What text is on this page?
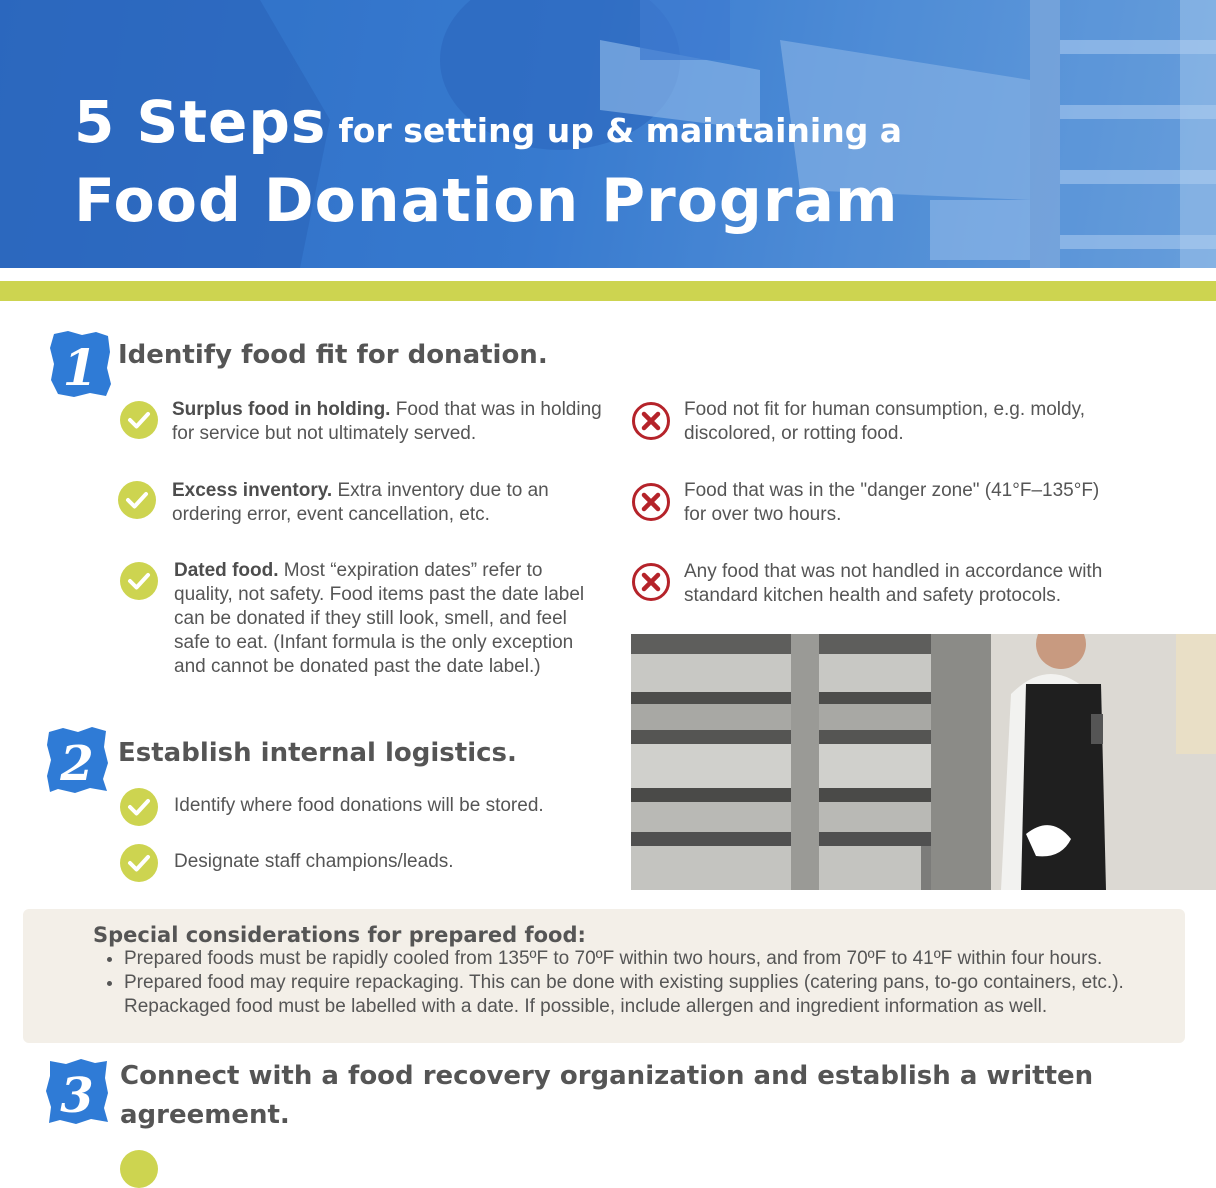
5 Steps for setting up & maintaining a
Food Donation Program
1 Identify food fit for donation.
Surplus food in holding. Food that was in holding for service but not ultimately served.
Excess inventory. Extra inventory due to an ordering error, event cancellation, etc.
Dated food. Most “expiration dates” refer to quality, not safety. Food items past the date label can be donated if they still look, smell, and feel safe to eat. (Infant formula is the only exception and cannot be donated past the date label.)
Food not fit for human consumption, e.g. moldy, discolored, or rotting food.
Food that was in the "danger zone" (41°F–135°F) for over two hours.
Any food that was not handled in accordance with standard kitchen health and safety protocols.
2 Establish internal logistics.
Identify where food donations will be stored.
Designate staff champions/leads.
Special considerations for prepared food:
• Prepared foods must be rapidly cooled from 135ºF to 70ºF within two hours, and from 70ºF to 41ºF within four hours.
• Prepared food may require repackaging. This can be done with existing supplies (catering pans, to-go containers, etc.). Repackaged food must be labelled with a date. If possible, include allergen and ingredient information as well.
3 Connect with a food recovery organization and establish a written agreement.
